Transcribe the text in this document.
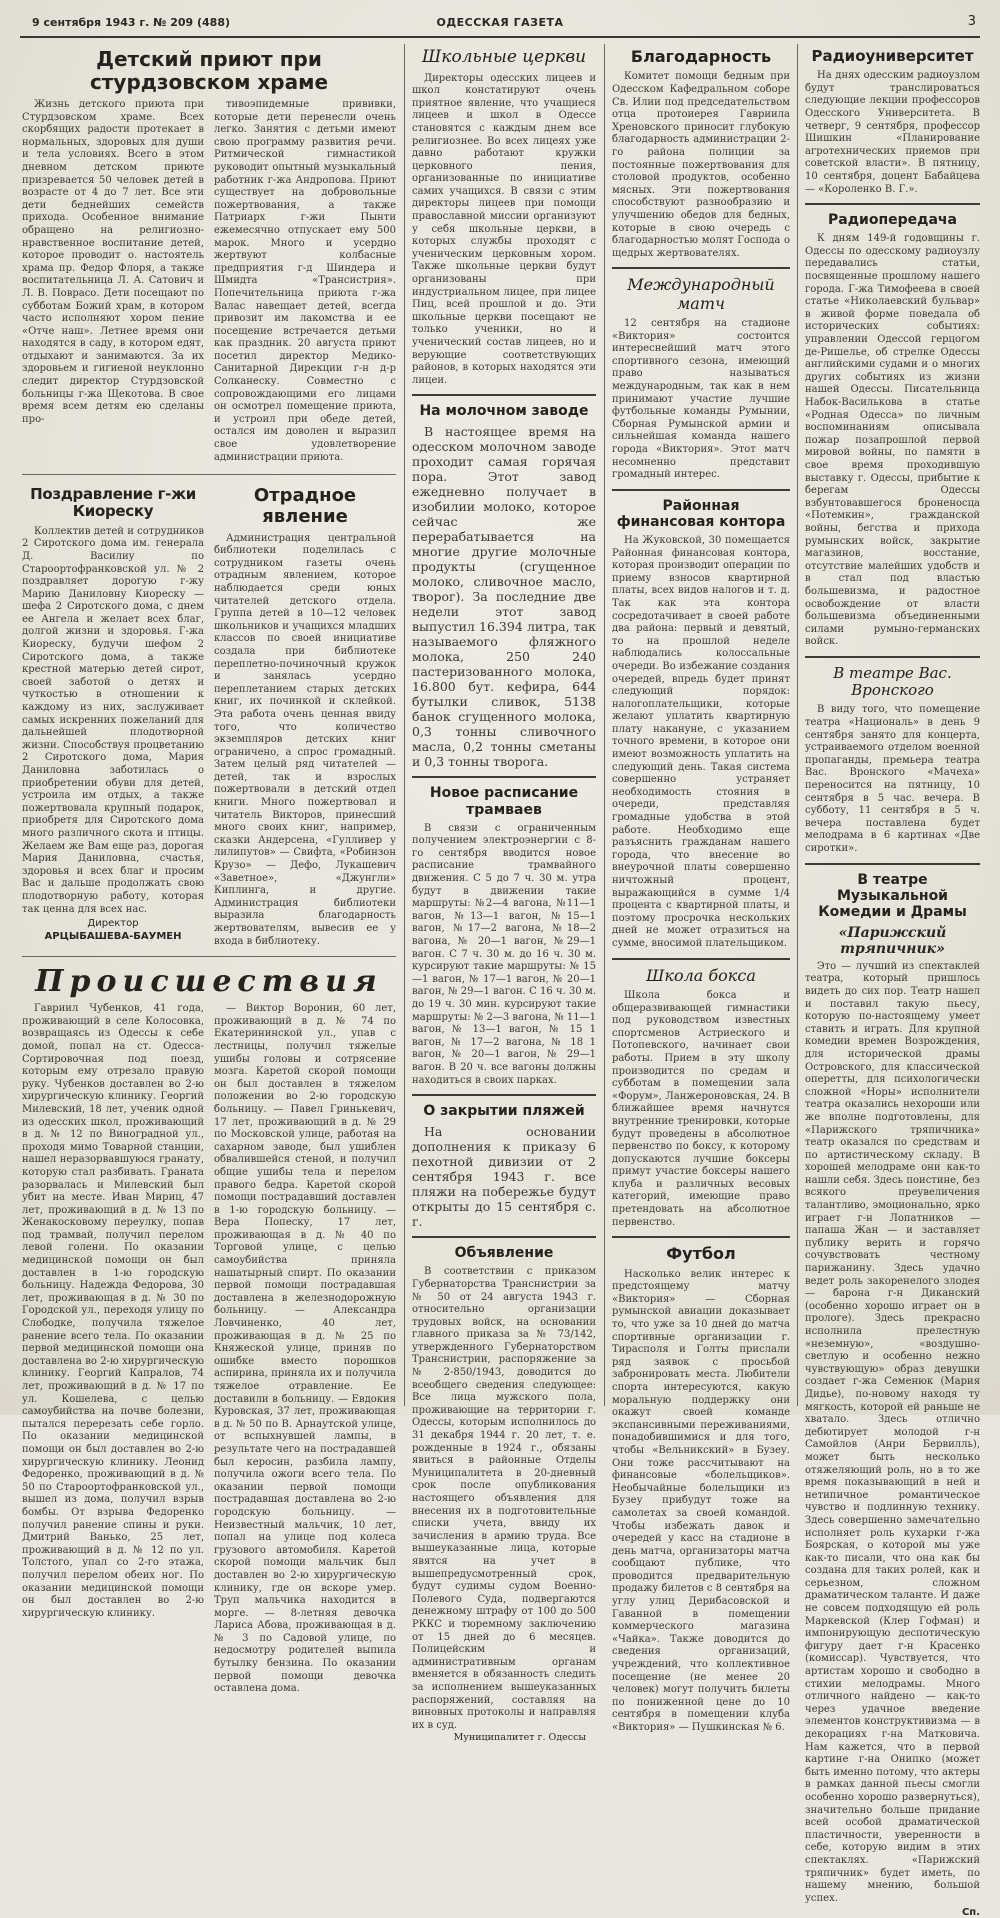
9 сентября 1943 г. № 209 (488)	ОДЕССКАЯ ГАЗЕТА	3
Детский приют при стурдзовском храме

Жизнь детского приюта при Стурдзовском храме. Всех скорбящих радости протекает в нормальных, здоровых для души и тела условиях. Всего в этом дневном детском приюте призревается 50 человек детей в возрасте от 4 до 7 лет. Все эти дети беднейших семейств прихода. Особенное внимание обращено на религиозно-нравственное воспитание детей, которое проводит о. настоятель храма пр. Федор Флоря, а также воспитательница Л. А. Сатович и Л. В. Поврасо. Дети посещают по субботам Божий храм, в котором часто исполняют хором пение «Отче наш». Летнее время они находятся в саду, в котором едят, отдыхают и занимаются. За их здоровьем и гигиеной неуклонно следит директор Стурдзовской больницы г-жа Щекотова. В свое время всем детям ею сделаны про-

тивоэпидемные прививки, которые дети перенесли очень легко. Занятия с детьми имеют свою программу развития речи. Ритмической гимнастикой руководит опытный музыкальный работник г-жа Андропова. Приют существует на добровольные пожертвования, а также Патриарх г-жи Пынти ежемесячно отпускает ему 500 марок. Много и усердно жертвуют колбасные предприятия г-д Шиндера и Шмидта «Трансистрия». Попечительница приюта г-жа Валас навещает детей, всегда привозит им лакомства и ее посещение встречается детьми как праздник. 20 августа приют посетил директор Медико-Санитарной Дирекции г-н д-р Солканеску. Совместно с сопровождающими его лицами он осмотрел помещение приюта, и устроил при обеде детей, остался им доволен и выразил свое удовлетворение администрации приюта.

Поздравление г-жи Киореску

Коллектив детей и сотрудников 2 Сиротского дома им. генерала Д. Василиу по Староортофранковской ул. № 2 поздравляет дорогую г-жу Марию Даниловну Киореску — шефа 2 Сиротского дома, с днем ее Ангела и желает всех благ, долгой жизни и здоровья. Г-жа Киореску, будучи шефом 2 Сиротского дома, а также крестной матерью детей сирот, своей заботой о детях и чуткостью в отношении к каждому из них, заслуживает самых искренних пожеланий для дальнейшей плодотворной жизни. Способствуя процветанию 2 Сиротского дома, Мария Даниловна заботилась о приобретении обуви для детей, устроила им отдых, а также пожертвовала крупный подарок, приобретя для Сиротского дома много различного скота и птицы. Желаем же Вам еще раз, дорогая Мария Даниловна, счастья, здоровья и всех благ и просим Вас и дальше продолжать свою плодотворную работу, которая так ценна для всех нас.

Директор
АРЦЫБАШЕВА-БАУМЕН
Отрадное явление

Администрация центральной библиотеки поделилась с сотрудником газеты очень отрадным явлением, которое наблюдается среди юных читателей детского отдела. Группа детей в 10—12 человек школьников и учащихся младших классов по своей инициативе создала при библиотеке переплетно-починочный кружок и занялась усердно переплетанием старых детских книг, их починкой и склейкой. Эта работа очень ценная ввиду того, что количество экземпляров детских книг ограничено, а спрос громадный. Затем целый ряд читателей — детей, так и взрослых пожертвовали в детский отдел книги. Много пожертвовал и читатель Викторов, принесший много своих книг, например, сказки Андерсена, «Гулливер у лилипутов» — Свифта, «Робинзон Крузо» — Дефо, Лукашевич «Заветное», «Джунгли» Киплинга, и другие. Администрация библиотеки выразила благодарность жертвователям, вывесив ее у входа в библиотеку.

Происшествия

Гавриил Чубенков, 41 года, проживающий в селе Колосовка, возвращаясь из Одессы к себе домой, попал на ст. Одесса-Сортировочная под поезд, которым ему отрезало правую руку. Чубенков доставлен во 2-ю хирургическую клинику. Георгий Милевский, 18 лет, ученик одной из одесских школ, проживающий в д. № 12 по Виноградной ул., проходя мимо Товарной станции, нашел неразорвавшуюся гранату, которую стал разбивать. Граната разорвалась и Милевский был убит на месте. Иван Мириц, 47 лет, проживающий в д. № 13 по Женакосковому переулку, попав под трамвай, получил перелом левой голени. По оказании медицинской помощи он был доставлен в 1-ю городскую больницу. Надежда Федорова, 30 лет, проживающая в д. № 30 по Городской ул., переходя улицу по Слободке, получила тяжелое ранение всего тела. По оказании первой медицинской помощи она доставлена во 2-ю хирургическую клинику. Георгий Капралов, 74 лет, проживающий в д. № 17 по ул. Кошелева, с целью самоубийства на почве болезни, пытался перерезать себе горло. По оказании медицинской помощи он был доставлен во 2-ю хирургическую клинику. Леонид Федоренко, проживающий в д. № 50 по Староортофранковской ул., вышел из дома, получил взрыв бомбы. От взрыва Федоренко получил ранение спины и руки. Дмитрий Ванько, 25 лет, проживающий в д. № 12 по ул. Толстого, упал со 2-го этажа, получил перелом обеих ног. По оказании медицинской помощи он был доставлен во 2-ю хирургическую клинику.

— Виктор Воронин, 60 лет, проживающий в д. № 74 по Екатерининской ул., упав с лестницы, получил тяжелые ушибы головы и сотрясение мозга. Каретой скорой помощи он был доставлен в тяжелом положении во 2-ю городскую больницу. — Павел Гринькевич, 17 лет, проживающий в д. № 29 по Московской улице, работая на сахарном заводе, был ушиблен обвалившейся стеной, и получил общие ушибы тела и перелом правого бедра. Каретой скорой помощи пострадавший доставлен в 1-ю городскую больницу. — Вера Попеску, 17 лет, проживающая в д. № 40 по Торговой улице, с целью самоубийства приняла нашатырный спирт. По оказании первой помощи пострадавшая доставлена в железнодорожную больницу. — Александра Ловчиненко, 40 лет, проживающая в д. № 25 по Княжеской улице, приняв по ошибке вместо порошков аспирина, приняла их и получила тяжелое отравление. Ее доставили в больницу. — Евдокия Куровская, 37 лет, проживающая в д. № 50 по В. Арнаутской улице, от вспыхнувшей лампы, в результате чего на пострадавшей был керосин, разбила лампу, получила ожоги всего тела. По оказании первой помощи пострадавшая доставлена во 2-ю городскую больницу. — Неизвестный мальчик, 10 лет, попал на улице под колеса грузового автомобиля. Каретой скорой помощи мальчик был доставлен во 2-ю хирургическую клинику, где он вскоре умер. Труп мальчика находится в морге. — 8-летняя девочка Лариса Абова, проживающая в д. № 3 по Садовой улице, по недосмотру родителей выпила бутылку бензина. По оказании первой помощи девочка оставлена дома.

Школьные церкви

Директоры одесских лицеев и школ констатируют очень приятное явление, что учащиеся лицеев и школ в Одессе становятся с каждым днем все религиознее. Во всех лицеях уже давно работают кружки церковного пения, организованные по инициативе самих учащихся. В связи с этим директоры лицеев при помощи православной миссии организуют у себя школьные церкви, в которых службы проходят с ученическим церковным хором. Также школьные церкви будут организованы при индустриальном лицее, при лицее Пиц, всей прошлой и до. Эти школьные церкви посещают не только ученики, но и ученический состав лицеев, но и верующие соответствующих районов, в которых находятся эти лицеи.

На молочном заводе

В настоящее время на одесском молочном заводе проходит самая горячая пора. Этот завод ежедневно получает в изобилии молоко, которое сейчас же перерабатывается на многие другие молочные продукты (сгущенное молоко, сливочное масло, творог). За последние две недели этот завод выпустил 16.394 литра, так называемого фляжного молока, 250 240 пастеризованного молока, 16.800 бут. кефира, 644 бутылки сливок, 5138 банок сгущенного молока, 0,3 тонны сливочного масла, 0,2 тонны сметаны и 0,3 тонны творога.

Новое расписание трамваев

В связи с ограниченным получением электроэнергии с 8-го сентября вводится новое расписание трамвайного движения. С 5 до 7 ч. 30 м. утра будут в движении такие маршруты: №2—4 вагона, №11—1 вагон, №13—1 вагон, №15—1 вагон, №17—2 вагона, №18—2 вагона, № 20—1 вагон, №29—1 вагон. С 7 ч. 30 м. до 16 ч. 30 м. курсируют такие маршруты: № 15—1 вагон, № 17—1 вагон, № 20—1 вагон, № 29—1 вагон. С 16 ч. 30 м. до 19 ч. 30 мин. курсируют такие маршруты: № 2—3 вагона, № 11—1 вагон, № 13—1 вагон, № 15 1 вагон, № 17—2 вагона, № 18 1 вагон, № 20—1 вагон, № 29—1 вагон. В 20 ч. все вагоны должны находиться в своих парках.

О закрытии пляжей

На основании дополнения к приказу 6 пехотной дивизии от 2 сентября 1943 г. все пляжи на побережье будут открыты до 15 сентября с. г.

Объявление

В соответствии с приказом Губернаторства Транснистрии за № 50 от 24 августа 1943 г. относительно организации трудовых войск, на основании главного приказа за № 73/142, утвержденного Губернаторством Транснистрии, распоряжение за № 2-850/1943, доводится до всеобщего сведения следующее: Все лица мужского пола, проживающие на территории г. Одессы, которым исполнилось до 31 декабря 1944 г. 20 лет, т. е. рожденные в 1924 г., обязаны явиться в районные Отделы Муниципалитета в 20-дневный срок после опубликования настоящего объявления для внесения их в подготовительные списки учета, ввиду их зачисления в армию труда. Все вышеуказанные лица, которые явятся на учет в вышепредусмотренный срок, будут судимы судом Военно-Полевого Суда, подвергаются денежному штрафу от 100 до 500 РККС и тюремному заключению от 15 дней до 6 месяцев. Полицейским и административным органам вменяется в обязанность следить за исполнением вышеуказанных распоряжений, составляя на виновных протоколы и направляя их в суд.

Муниципалитет г. Одессы
Благодарность

Комитет помощи бедным при Одесском Кафедральном соборе Св. Илии под председательством отца протоиерея Гавриила Хреновского приносит глубокую благодарность администрации 2-го района полиции за постоянные пожертвования для столовой продуктов, особенно мясных. Эти пожертвования способствуют разнообразию и улучшению обедов для бедных, которые в свою очередь с благодарностью молят Господа о щедрых жертвователях.

Международный матч

12 сентября на стадионе «Виктория» состоится интереснейший матч этого спортивного сезона, имеющий право называться международным, так как в нем принимают участие лучшие футбольные команды Румынии, Сборная Румынской армии и сильнейшая команда нашего города «Виктория». Этот матч несомненно представит громадный интерес.

Районная финансовая контора

На Жуковской, 30 помещается Районная финансовая контора, которая производит операции по приему взносов квартирной платы, всех видов налогов и т. д. Так как эта контора сосредотачивает в своей работе два района: первый и девятый, то на прошлой неделе наблюдались колоссальные очереди. Во избежание создания очередей, впредь будет принят следующий порядок: налогоплательщики, которые желают уплатить квартирную плату накануне, с указанием точного времени, в которое они имеют возможность уплатить на следующий день. Такая система совершенно устраняет необходимость стояния в очереди, представляя громадные удобства в этой работе. Необходимо еще разъяснить гражданам нашего города, что внесение во внеурочной платы совершенно ничтожный процент, выражающийся в сумме 1/4 процента с квартирной платы, и поэтому просрочка нескольких дней не может отразиться на сумме, вносимой плательщиком.

Школа бокса

Школа бокса и общеразвивающей гимнастики под руководством известных спортсменов Астриеского и Потопевского, начинает свои работы. Прием в эту школу производится по средам и субботам в помещении зала «Форум», Ланжероновская, 24. В ближайшее время начнутся внутренние тренировки, которые будут проведены в абсолютное первенство по боксу, к которому допускаются лучшие боксеры примут участие боксеры нашего клуба и различных весовых категорий, имеющие право претендовать на абсолютное первенство.

Футбол

Насколько велик интерес к предстоящему матчу «Виктория» — Сборная румынской авиации доказывает то, что уже за 10 дней до матча спортивные организации г. Тирасполя и Голты прислали ряд заявок с просьбой забронировать места. Любители спорта интересуются, какую моральную поддержку они окажут своей команде экспансивными переживаниями, понадобившимися и для того, чтобы «Вельникский» в Бузеу. Они тоже рассчитывают на финансовые «болельщиков». Необычайные болельщики из Бузеу прибудут тоже на самолетах за своей командой. Чтобы избежать давок и очередей у касс на стадионе в день матча, организаторы матча сообщают публике, что проводится предварительную продажу билетов с 8 сентября на углу улиц Дерибасовской и Гаванной в помещении коммерческого магазина «Чайка». Также доводится до сведения организаций, учреждений, что коллективное посещение (не менее 20 человек) могут получить билеты по пониженной цене до 10 сентября в помещении клуба «Виктория» — Пушкинская № 6.

Радиоуниверситет

На днях одесским радиоузлом будут транслироваться следующие лекции профессоров Одесского Университета. В четверг, 9 сентября, профессор Шишкин «Планирование агротехнических приемов при советской власти». В пятницу, 10 сентября, доцент Бабайцева — «Короленко В. Г.».

Радиопередача

К дням 149-й годовщины г. Одессы по одесскому радиоузлу передавались статьи, посвященные прошлому нашего города. Г-жа Тимофеева в своей статье «Николаевский бульвар» в живой форме поведала об исторических событиях: управлении Одессой герцогом де-Ришелье, об стрелке Одессы английскими судами и о многих других событиях из жизни нашей Одессы. Писательница Набок-Васильковa в статье «Родная Одесса» по личным воспоминаниям описывала пожар позапрошлой первой мировой войны, по памяти в свое время проходившую выставку г. Одессы, прибытие к берегам Одессы взбунтовавшегося броненосца «Потемкин», гражданской войны, бегства и прихода румынских войск, закрытие магазинов, восстание, отсутствие малейших удобств и в стал под властью большевизма, и радостное освобождение от власти большевизма объединенными силами румыно-германских войск.

В театре Вас. Вронского

В виду того, что помещение театра «Националь» в день 9 сентября занято для концерта, устраиваемого отделом военной пропаганды, премьера театра Вас. Вронского «Мачеха» переносится на пятницу, 10 сентября в 5 час. вечера. В субботу, 11 сентября в 5 ч. вечера поставлена будет мелодрама в 6 картинах «Две сиротки».

В театре Музыкальной Комедии и Драмы
«Парижский тряпичник»

Это — лучший из спектаклей театра, который пришлось видеть до сих пор. Театр нашел и поставил такую пьесу, которую по-настоящему умеет ставить и играть. Для крупной комедии времен Возрождения, для исторической драмы Островского, для классической оперетты, для психологически сложной «Норы» исполнители театра оказались нехороши или же вполне подготовлены, для «Парижского тряпичника» театр оказался по средствам и по артистическому складу. В хорошей мелодраме они как-то нашли себя. Здесь поистине, без всякого преувеличения талантливо, эмоционально, ярко играет г-н Лопатников — папаша Жан — и заставляет публику верить и горячо сочувствовать честному парижанину. Здесь удачно ведет роль закоренелого злодея — барона г-н Диканский (особенно хорошо играет он в прологе). Здесь прекрасно исполнила прелестную «неземную», «воздушно-светлую и особенно нежно чувствующую» образ девушки создает г-жа Семенюк (Мария Дидье), по-новому находя ту мягкость, которой ей раньше не хватало. Здесь отлично дебютирует молодой г-н Самойлов (Анри Бервилль), может быть несколько отяжеляющий роль, но в то же время показывающий в ней и нетипичное романтическое чувство и подлинную технику. Здесь совершенно замечательно исполняет роль кухарки г-жа Боярская, о которой мы уже как-то писали, что она как бы создана для таких ролей, как и серьезном, сложном драматическом таланте. И даже не совсем подходящую ей роль Маркевской (Клер Гофман) и импонирующую деспотическую фигуру дает г-н Красенко (комиссар). Чувствуется, что артистам хорошо и свободно в стихии мелодрамы. Много отличного найдено — как-то через удачное введение элементов конструктивизма — в декорациях г-на Матковича. Нам кажется, что в первой картине г-на Онипко (может быть именно потому, что актеры в рамках данной пьесы смогли особенно хорошо развернуться), значительно больше придание всей особой драматической пластичности, уверенности в себе, которую видим в этих спектаклях. «Парижский тряпичник» будет иметь, по нашему мнению, большой успех.

Сп.
